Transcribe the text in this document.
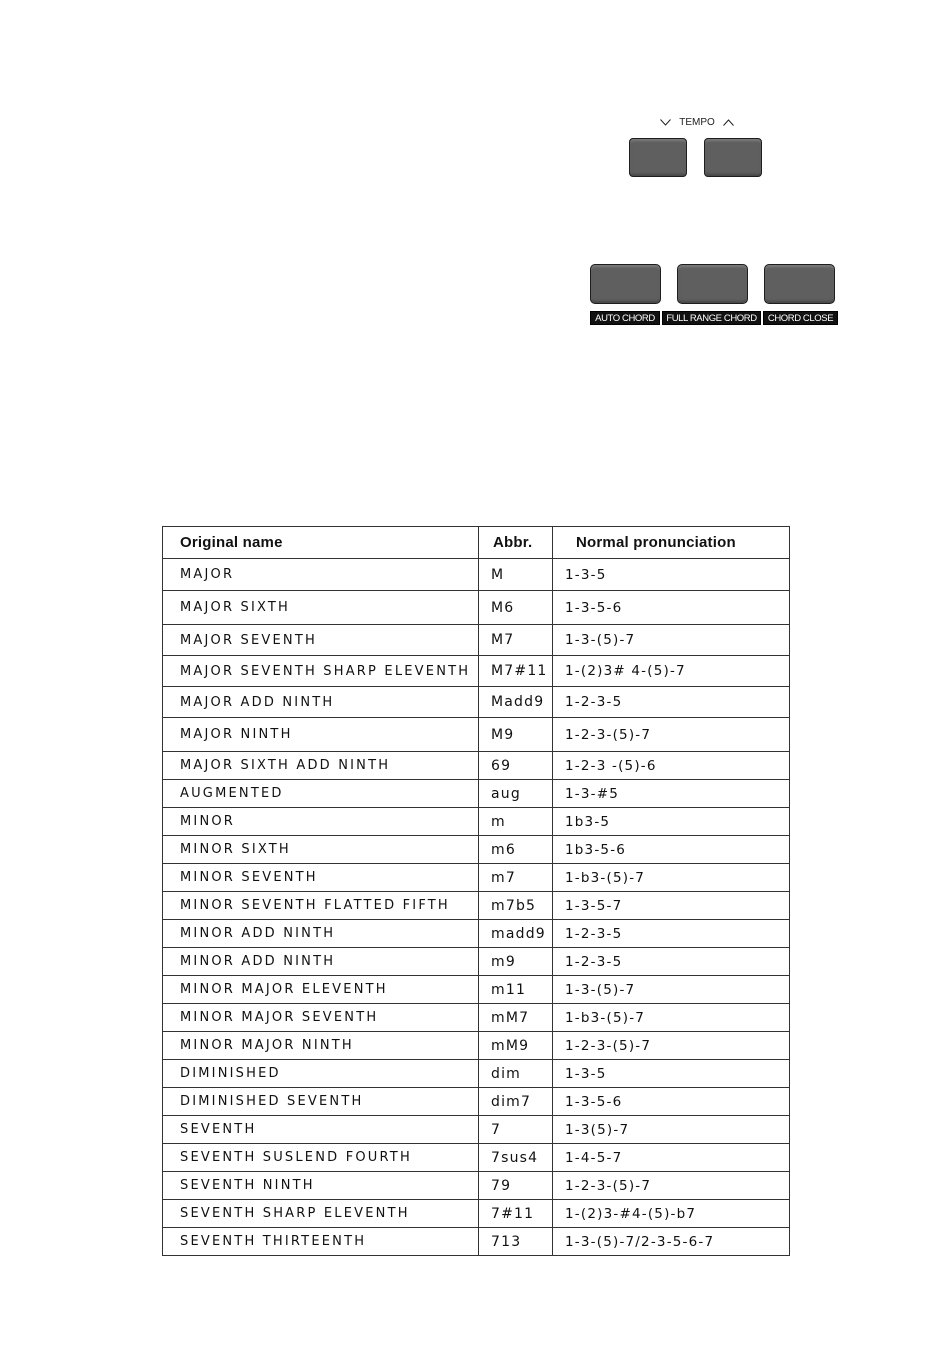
TEMPO
AUTO CHORD	FULL RANGE CHORD	CHORD CLOSE
Original name	Abbr.	Normal pronunciation
MAJOR	M	1-3-5
MAJOR SIXTH	M6	1-3-5-6
MAJOR SEVENTH	M7	1-3-(5)-7
MAJOR SEVENTH SHARP ELEVENTH	M7#11	1-(2)3# 4-(5)-7
MAJOR ADD NINTH	Madd9	1-2-3-5
MAJOR NINTH	M9	1-2-3-(5)-7
MAJOR SIXTH ADD NINTH	69	1-2-3 -(5)-6
AUGMENTED	aug	1-3-#5
MINOR	m	1b3-5
MINOR SIXTH	m6	1b3-5-6
MINOR SEVENTH	m7	1-b3-(5)-7
MINOR SEVENTH FLATTED FIFTH	m7b5	1-3-5-7
MINOR ADD NINTH	madd9	1-2-3-5
MINOR ADD NINTH	m9	1-2-3-5
MINOR MAJOR ELEVENTH	m11	1-3-(5)-7
MINOR MAJOR SEVENTH	mM7	1-b3-(5)-7
MINOR MAJOR NINTH	mM9	1-2-3-(5)-7
DIMINISHED	dim	1-3-5
DIMINISHED SEVENTH	dim7	1-3-5-6
SEVENTH	7	1-3(5)-7
SEVENTH SUSLEND FOURTH	7sus4	1-4-5-7
SEVENTH NINTH	79	1-2-3-(5)-7
SEVENTH SHARP ELEVENTH	7#11	1-(2)3-#4-(5)-b7
SEVENTH THIRTEENTH	713	1-3-(5)-7/2-3-5-6-7
